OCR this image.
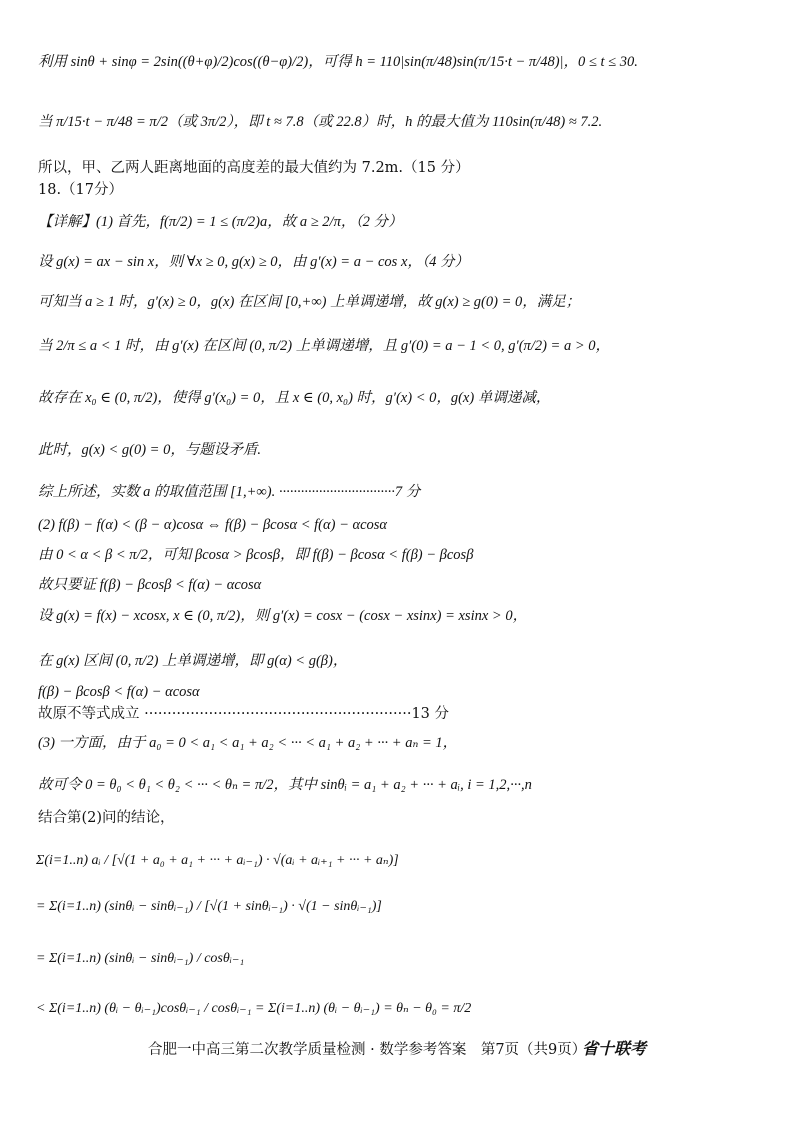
利用 sinθ + sinφ = 2sin((θ+φ)/2)cos((θ−φ)/2)，可得 h = 110|sin(π/48)sin(π/15·t − π/48)|，0 ≤ t ≤ 30.
当 π/15·t − π/48 = π/2（或 3π/2），即 t ≈ 7.8（或 22.8）时，h 的最大值为 110sin(π/48) ≈ 7.2.
所以，甲、乙两人距离地面的高度差的最大值约为 7.2m.（15 分）
18.（17分）
【详解】(1) 首先，f(π/2) = 1 ≤ (π/2)a，故 a ≥ 2/π，（2 分）
设 g(x) = ax − sin x，则 ∀x ≥ 0, g(x) ≥ 0，由 g′(x) = a − cos x，（4 分）
可知当 a ≥ 1 时，g′(x) ≥ 0，g(x) 在区间 [0,+∞) 上单调递增，故 g(x) ≥ g(0) = 0，满足；
当 2/π ≤ a < 1 时，由 g′(x) 在区间 (0, π/2) 上单调递增，且 g′(0) = a − 1 < 0, g′(π/2) = a > 0，
故存在 x₀ ∈ (0, π/2)，使得 g′(x₀) = 0，且 x ∈ (0, x₀) 时，g′(x) < 0，g(x) 单调递减，
此时，g(x) < g(0) = 0，与题设矛盾.
综上所述，实数 a 的取值范围 [1,+∞). ································7 分
(2) f(β) − f(α) < (β − α)cosα ⇔ f(β) − βcosα < f(α) − αcosα
由 0 < α < β < π/2，可知 βcosα > βcosβ，即 f(β) − βcosα < f(β) − βcosβ
故只要证 f(β) − βcosβ < f(α) − αcosα
设 g(x) = f(x) − xcosx, x ∈ (0, π/2)，则 g′(x) = cosx − (cosx − xsinx) = xsinx > 0，
在 g(x) 区间 (0, π/2) 上单调递增，即 g(α) < g(β)，
f(β) − βcosβ < f(α) − αcosα
故原不等式成立 ··························································13 分
(3) 一方面，由于 a₀ = 0 < a₁ < a₁ + a₂ < ··· < a₁ + a₂ + ··· + aₙ = 1，
故可令 0 = θ₀ < θ₁ < θ₂ < ··· < θₙ = π/2，其中 sinθᵢ = a₁ + a₂ + ··· + aᵢ, i = 1,2,···,n
结合第(2)问的结论，
Σ(i=1..n) aᵢ / [√(1 + a₀ + a₁ + ··· + aᵢ₋₁) · √(aᵢ + aᵢ₊₁ + ··· + aₙ)]
= Σ(i=1..n) (sinθᵢ − sinθᵢ₋₁) / [√(1 + sinθᵢ₋₁) · √(1 − sinθᵢ₋₁)]
= Σ(i=1..n) (sinθᵢ − sinθᵢ₋₁) / cosθᵢ₋₁
< Σ(i=1..n) (θᵢ − θᵢ₋₁)cosθᵢ₋₁ / cosθᵢ₋₁ = Σ(i=1..n) (θᵢ − θᵢ₋₁) = θₙ − θ₀ = π/2
合肥一中高三第二次教学质量检测 · 数学参考答案　第7页（共9页）
省十联考
